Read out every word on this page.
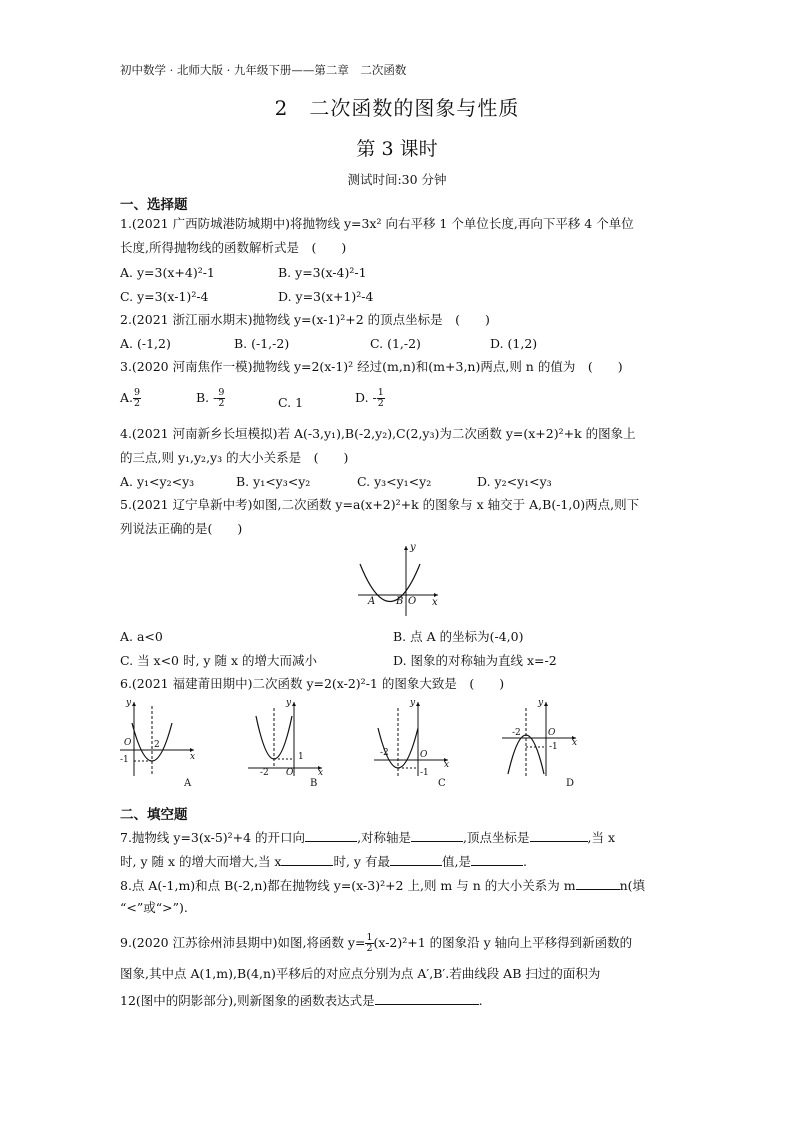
初中数学 · 北师大版 · 九年级下册——第二章　二次函数
2　二次函数的图象与性质
第 3 课时
测试时间:30 分钟
一、选择题
1.(2021 广西防城港防城期中)将抛物线 y=3x² 向右平移 1 个单位长度,再向下平移 4 个单位
长度,所得抛物线的函数解析式是　(　　)
A. y=3(x+4)²-1	B. y=3(x-4)²-1
C. y=3(x-1)²-4	D. y=3(x+1)²-4
2.(2021 浙江丽水期末)抛物线 y=(x-1)²+2 的顶点坐标是　(　　)
A. (-1,2)	B. (-1,-2)	C. (1,-2)	D. (1,2)
3.(2020 河南焦作一模)抛物线 y=2(x-1)² 经过(m,n)和(m+3,n)两点,则 n 的值为　(　　)
A. $\frac{9}{2}$	B. - $\frac{9}{2}$	C. 1	D. - $\frac{1}{2}$
4.(2021 河南新乡长垣模拟)若 A(-3,y₁),B(-2,y₂),C(2,y₃)为二次函数 y=(x+2)²+k 的图象上
的三点,则 y₁,y₂,y₃ 的大小关系是　(　　)
A. y₁<y₂<y₃	B. y₁<y₃<y₂	C. y₃<y₁<y₂	D. y₂<y₁<y₃
5.(2021 辽宁阜新中考)如图,二次函数 y=a(x+2)²+k 的图象与 x 轴交于 A,B(-1,0)两点,则下
列说法正确的是(　　)
y
x
A B O
A. a<0	B. 点 A 的坐标为(-4,0)
C. 当 x<0 时, y 随 x 的增大而减小	D. 图象的对称轴为直线 x=-2
6.(2021 福建莆田期中)二次函数 y=2(x-2)²-1 的图象大致是　(　　)
y
x
O	2
-1
A
y
x
O
-2
1
B
y
x
O
-2
-1
C
y
x
O
-2
-1
D
二、填空题
7.抛物线 y=3(x-5)²+4 的开口向	,对称轴是	,顶点坐标是	,当 x
时, y 随 x 的增大而增大,当 x	时, y 有最	值,是	.
8.点 A(-1,m)和点 B(-2,n)都在抛物线 y=(x-3)²+2 上,则 m 与 n 的大小关系为 m	n(填
“<”或“>”).
9.(2020 江苏徐州沛县期中)如图,将函数 $y= \frac{1}{2} (x-2)^2+1$ 的图象沿 y 轴向上平移得到新函数的
图象,其中点 A(1,m),B(4,n)平移后的对应点分别为点 A′,B′.若曲线段 AB 扫过的面积为
12(图中的阴影部分),则新图象的函数表达式是	.
